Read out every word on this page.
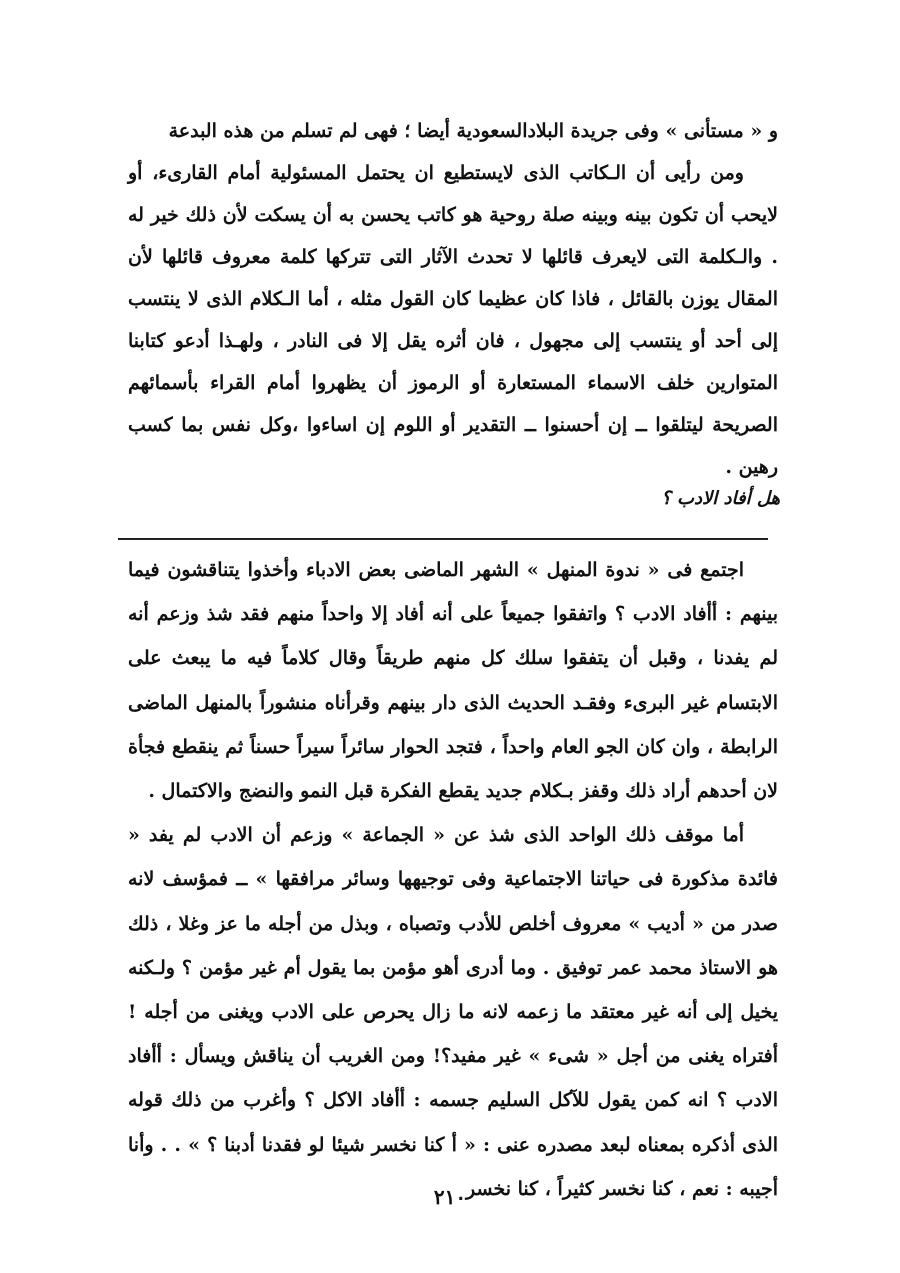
و « مستأنى » وفى جريدة البلادالسعودية أيضا ؛ فهى لم تسلم من هذه البدعة

ومن رأيى أن الـكاتب الذى لايستطيع ان يحتمل المسئولية أمام القارىء، أو لايحب أن تكون بينه وبينه صلة روحية هو كاتب يحسن به أن يسكت لأن ذلك خير له . والـكلمة التى لايعرف قائلها لا تحدث الآثار التى تتركها كلمة معروف قائلها لأن المقال يوزن بالقائل ، فاذا كان عظيما كان القول مثله ، أما الـكلام الذى لا ينتسب إلى أحد أو ينتسب إلى مجهول ، فان أثره يقل إلا فى النادر ، ولهـذا أدعو كتابنا المتوارين خلف الاسماء المستعارة أو الرموز أن يظهروا أمام القراء بأسمائهم الصريحة ليتلقوا ــ إن أحسنوا ــ التقدير أو اللوم إن اساءوا ،وكل نفس بما كسب رهين .

هل أفاد الادب ؟

اجتمع فى « ندوة المنهل » الشهر الماضى بعض الادباء وأخذوا يتناقشون فيما بينهم : أأفاد الادب ؟ واتفقوا جميعاً على أنه أفاد إلا واحداً منهم فقد شذ وزعم أنه لم يفدنا ، وقبل أن يتفقوا سلك كل منهم طريقاً وقال كلاماً فيه ما يبعث على الابتسام غير البرىء وفقـد الحديث الذى دار بينهم وقرأناه منشوراً بالمنهل الماضى الرابطة ، وان كان الجو العام واحداً ، فتجد الحوار سائراً سيراً حسناً ثم ينقطع فجأة لان أحدهم أراد ذلك وقفز بـكلام جديد يقطع الفكرة قبل النمو والنضج والاكتمال .

أما موقف ذلك الواحد الذى شذ عن « الجماعة » وزعم أن الادب لم يفد « فائدة مذكورة فى حياتنا الاجتماعية وفى توجيهها وسائر مرافقها » ــ فمؤسف لانه صدر من « أديب » معروف أخلص للأدب وتصباه ، وبذل من أجله ما عز وغلا ، ذلك هو الاستاذ محمد عمر توفيق . وما أدرى أهو مؤمن بما يقول أم غير مؤمن ؟ ولـكنه يخيل إلى أنه غير معتقد ما زعمه لانه ما زال يحرص على الادب ويغنى من أجله ! أفتراه يغنى من أجل « شىء » غير مفيد؟! ومن الغريب أن يناقش ويسأل : أأفاد الادب ؟ انه كمن يقول للآكل السليم جسمه : أأفاد الاكل ؟ وأغرب من ذلك قوله الذى أذكره بمعناه لبعد مصدره عنى : « أ كنا نخسر شيئا لو فقدنا أدبنا ؟ » . . وأنا أجيبه : نعم ، كنا نخسر كثيراً ، كنا نخسر

٢١٠
